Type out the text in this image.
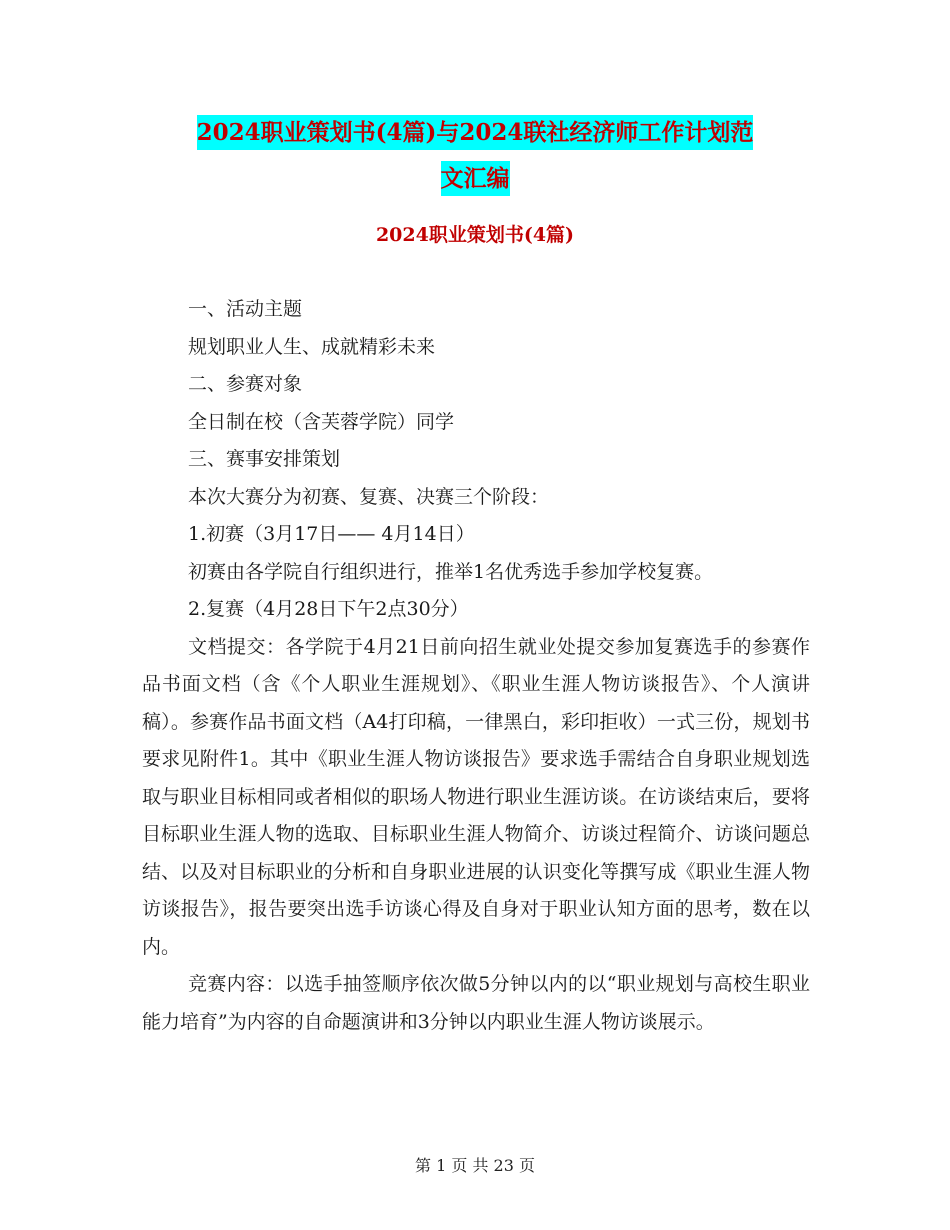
2024职业策划书(4篇)与2024联社经济师工作计划范
文汇编
2024职业策划书(4篇)
一、活动主题
规划职业人生、成就精彩未来
二、参赛对象
全日制在校（含芙蓉学院）同学
三、赛事安排策划
本次大赛分为初赛、复赛、决赛三个阶段：
1.初赛（3月17日—— 4月14日）
初赛由各学院自行组织进行，推举1名优秀选手参加学校复赛。
2.复赛（4月28日下午2点30分）

文档提交：各学院于4月21日前向招生就业处提交参加复赛选手的参赛作品书面文档（含《个人职业生涯规划》、《职业生涯人物访谈报告》、个人演讲稿）。参赛作品书面文档（A4打印稿，一律黑白，彩印拒收）一式三份，规划书要求见附件1。其中《职业生涯人物访谈报告》要求选手需结合自身职业规划选取与职业目标相同或者相似的职场人物进行职业生涯访谈。在访谈结束后，要将目标职业生涯人物的选取、目标职业生涯人物简介、访谈过程简介、访谈问题总结、以及对目标职业的分析和自身职业进展的认识变化等撰写成《职业生涯人物访谈报告》，报告要突出选手访谈心得及自身对于职业认知方面的思考，数在以内。

竞赛内容：以选手抽签顺序依次做5分钟以内的以“职业规划与高校生职业能力培育”为内容的自命题演讲和3分钟以内职业生涯人物访谈展示。

第 1 页 共 23 页
